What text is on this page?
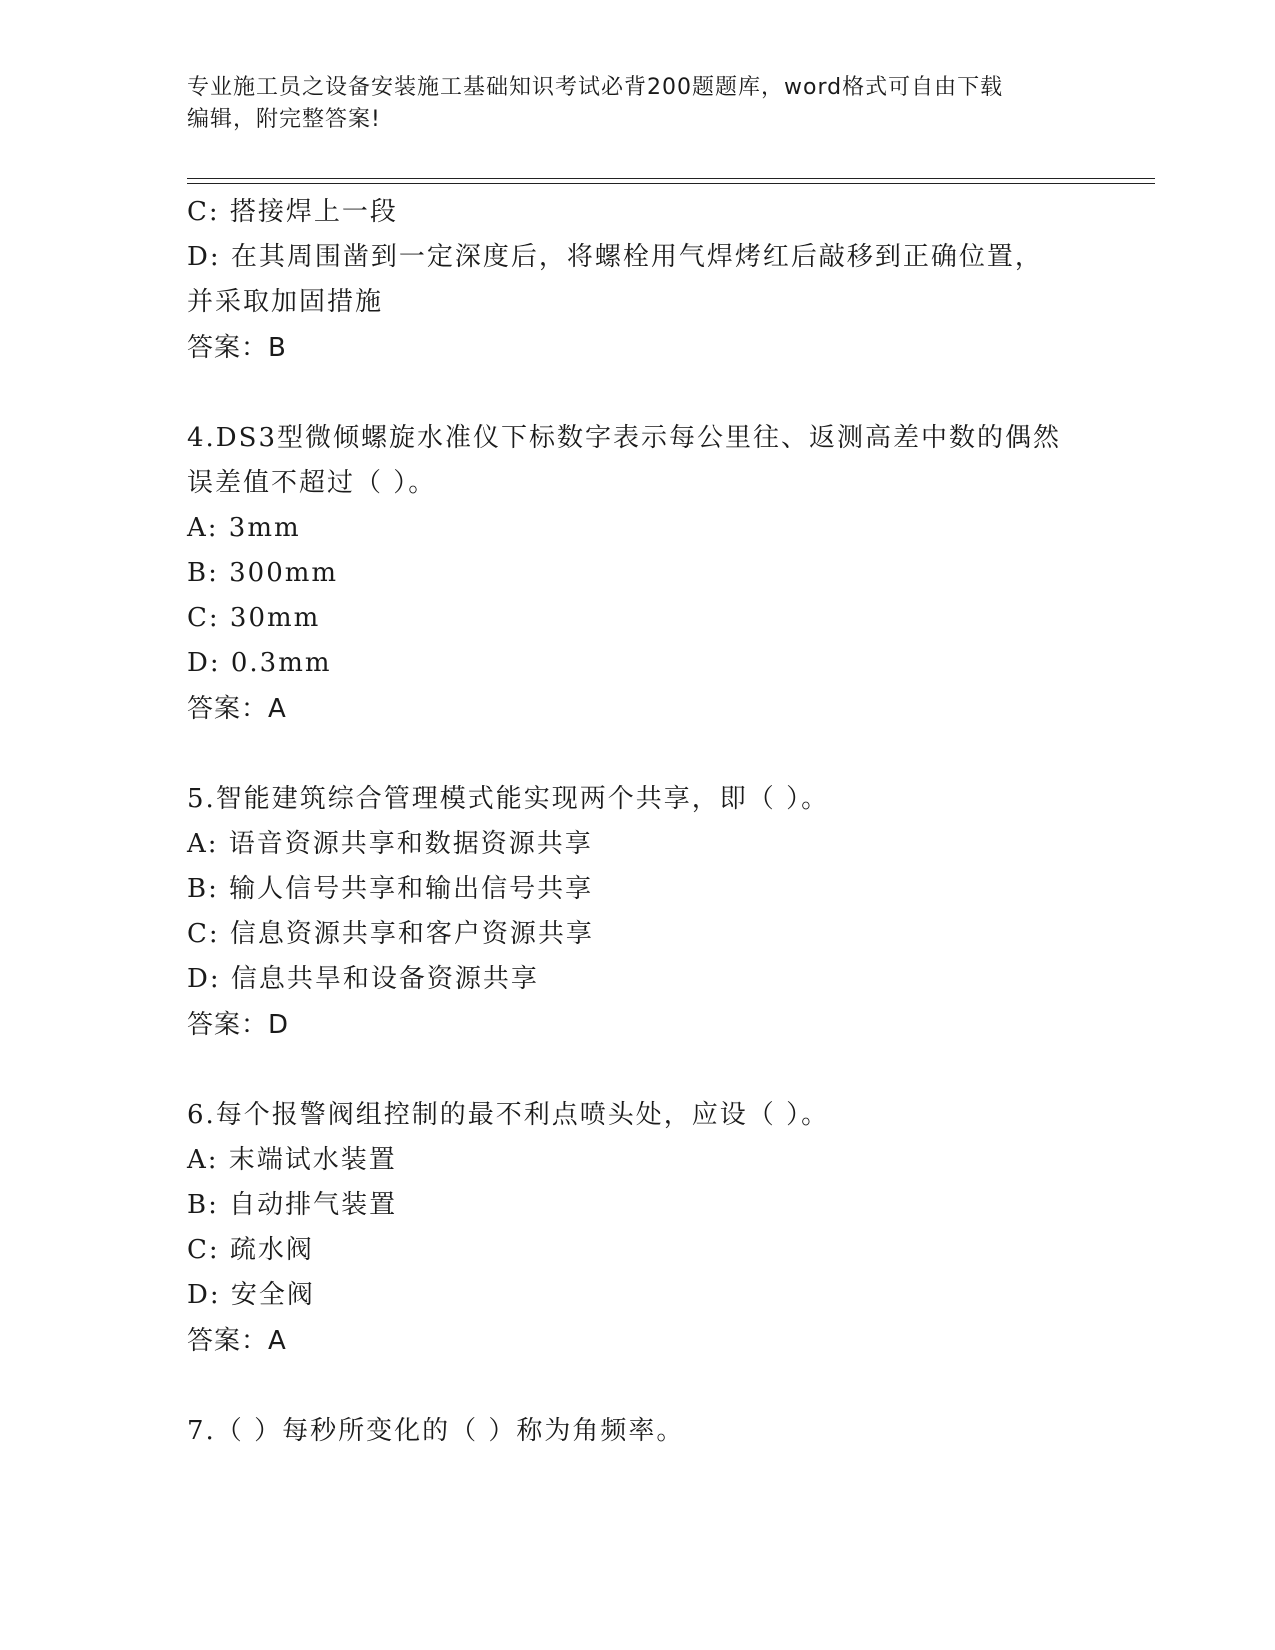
专业施工员之设备安装施工基础知识考试必背200题题库，word格式可自由下载
编辑，附完整答案!
C: 搭接焊上一段
D: 在其周围凿到一定深度后，将螺栓用气焊烤红后敲移到正确位置，
并采取加固措施
答案：B
4.DS3型微倾螺旋水准仪下标数字表示每公里往、返测高差中数的偶然
误差值不超过（ ）。
A: 3mm
B: 300mm
C: 30mm
D: 0.3mm
答案：A
5.智能建筑综合管理模式能实现两个共享，即（ ）。
A: 语音资源共享和数据资源共享
B: 输人信号共享和输出信号共享
C: 信息资源共享和客户资源共享
D: 信息共旱和设备资源共享
答案：D
6.每个报警阀组控制的最不利点喷头处，应设（ ）。
A: 末端试水装置
B: 自动排气装置
C: 疏水阀
D: 安全阀
答案：A
7.（ ）每秒所变化的（ ）称为角频率。
